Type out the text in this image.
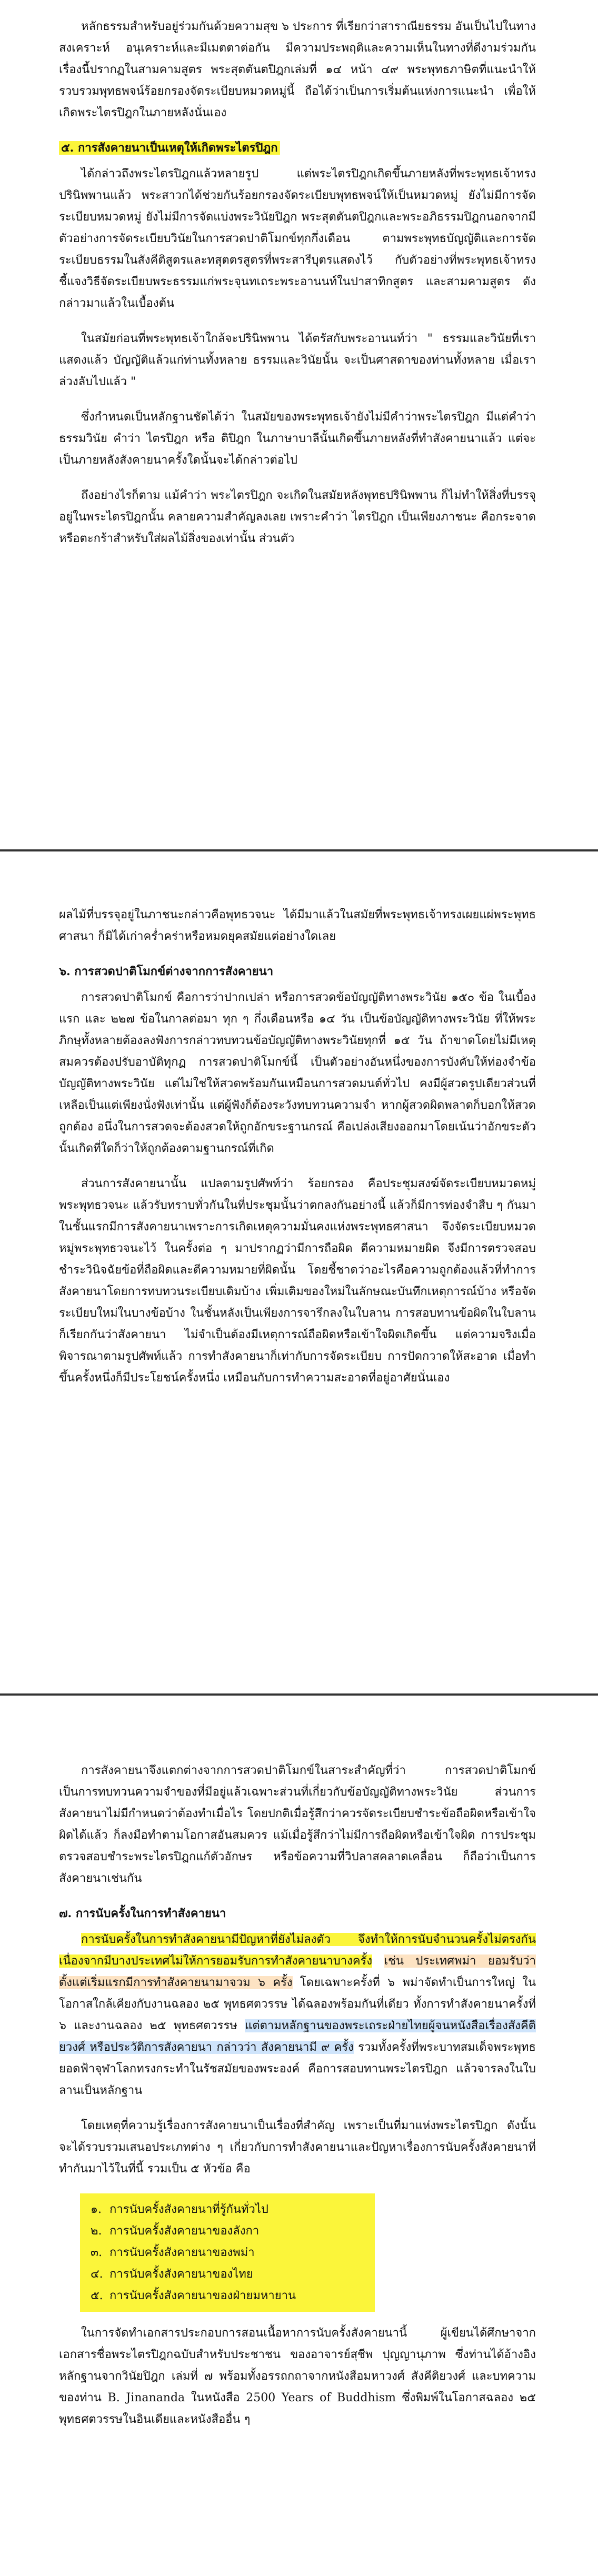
หลักธรรมสำหรับอยู่ร่วมกันด้วยความสุข ๖ ประการ ที่เรียกว่าสาราณียธรรม อันเป็นไปในทางสงเคราะห์ อนุเคราะห์และมีเมตตาต่อกัน มีความประพฤติและความเห็นในทางที่ดีงามร่วมกัน เรื่องนี้ปรากฏในสามคามสูตร พระสุตตันตปิฎกเล่มที่ ๑๔ หน้า ๔๙ พระพุทธภาษิตที่แนะนำให้รวบรวมพุทธพจน์ร้อยกรองจัดระเบียบหมวดหมู่นี้ ถือได้ว่าเป็นการเริ่มต้นแห่งการแนะนำ เพื่อให้เกิดพระไตรปิฎกในภายหลังนั่นเอง

๕. การสังคายนาเป็นเหตุให้เกิดพระไตรปิฎก

ได้กล่าวถึงพระไตรปิฎกแล้วหลายรูป แต่พระไตรปิฎกเกิดขึ้นภายหลังที่พระพุทธเจ้าทรงปรินิพพานแล้ว พระสาวกได้ช่วยกันร้อยกรองจัดระเบียบพุทธพจน์ให้เป็นหมวดหมู่ ยังไม่มีการจัดระเบียบหมวดหมู่ ยังไม่มีการจัดแบ่งพระวินัยปิฎก พระสุตตันตปิฎกและพระอภิธรรมปิฎกนอกจากมีตัวอย่างการจัดระเบียบวินัยในการสวดปาติโมกข์ทุกกึ่งเดือน ตามพระพุทธบัญญัติและการจัดระเบียบธรรมในสังคีติสูตรและทสุตตรสูตรที่พระสารีบุตรแสดงไว้ กับตัวอย่างที่พระพุทธเจ้าทรงชี้แจงวิธีจัดระเบียบพระธรรมแก่พระจุนทเถระพระอานนท์ในปาสาทิกสูตร และสามคามสูตร ดังกล่าวมาแล้วในเบื้องต้น

ในสมัยก่อนที่พระพุทธเจ้าใกล้จะปรินิพพาน ได้ตรัสกับพระอานนท์ว่า " ธรรมและวินัยที่เราแสดงแล้ว บัญญัติแล้วแก่ท่านทั้งหลาย ธรรมและวินัยนั้น จะเป็นศาสดาของท่านทั้งหลาย เมื่อเราล่วงลับไปแล้ว "

ซึ่งกำหนดเป็นหลักฐานชัดได้ว่า ในสมัยของพระพุทธเจ้ายังไม่มีคำว่าพระไตรปิฎก มีแต่คำว่า ธรรมวินัย คำว่า ไตรปิฎก หรือ ติปิฎก ในภาษาบาลีนั้นเกิดขึ้นภายหลังที่ทำสังคายนาแล้ว แต่จะเป็นภายหลังสังคายนาครั้งใดนั้นจะได้กล่าวต่อไป

ถึงอย่างไรก็ตาม แม้คำว่า พระไตรปิฎก จะเกิดในสมัยหลังพุทธปรินิพพาน ก็ไม่ทำให้สิ่งที่บรรจุอยู่ในพระไตรปิฎกนั้น คลายความสำคัญลงเลย เพราะคำว่า ไตรปิฎก เป็นเพียงภาชนะ คือกระจาดหรือตะกร้าสำหรับใส่ผลไม้สิ่งของเท่านั้น ส่วนตัว

ผลไม้ที่บรรจุอยู่ในภาชนะกล่าวคือพุทธวจนะ ได้มีมาแล้วในสมัยที่พระพุทธเจ้าทรงเผยแผ่พระพุทธศาสนา ก็มิได้เก่าคร่ำคร่าหรือหมดยุคสมัยแต่อย่างใดเลย

๖. การสวดปาติโมกข์ต่างจากการสังคายนา

การสวดปาติโมกข์ คือการว่าปากเปล่า หรือการสวดข้อบัญญัติทางพระวินัย ๑๕๐ ข้อ ในเบื้องแรก และ ๒๒๗ ข้อในกาลต่อมา ทุก ๆ กึ่งเดือนหรือ ๑๔ วัน เป็นข้อบัญญัติทางพระวินัย ที่ให้พระภิกษุทั้งหลายต้องลงฟังการกล่าวทบทวนข้อบัญญัติทางพระวินัยทุกที่ ๑๕ วัน ถ้าขาดโดยไม่มีเหตุสมควรต้องปรับอาบัติทุกฏ การสวดปาติโมกข์นี้ เป็นตัวอย่างอันหนึ่งของการบังคับให้ท่องจำข้อบัญญัติทางพระวินัย แต่ไม่ใช่ให้สวดพร้อมกันเหมือนการสวดมนต์ทั่วไป คงมีผู้สวดรูปเดียวส่วนที่เหลือเป็นแต่เพียงนั่งฟังเท่านั้น แต่ผู้ฟังก็ต้องระวังทบทวนความจำ หากผู้สวดผิดพลาดก็บอกให้สวดถูกต้อง อนึ่งในการสวดจะต้องสวดให้ถูกอักขระฐานกรณ์ คือเปล่งเสียงออกมาโดยเน้นว่าอักขระตัวนั้นเกิดที่ใดก็ว่าให้ถูกต้องตามฐานกรณ์ที่เกิด

ส่วนการสังคายนานั้น แปลตามรูปศัพท์ว่า ร้อยกรอง คือประชุมสงฆ์จัดระเบียบหมวดหมู่พระพุทธวจนะ แล้วรับทราบทั่วกันในที่ประชุมนั้นว่าตกลงกันอย่างนี้ แล้วก็มีการท่องจำสืบ ๆ กันมา ในชั้นแรกมีการสังคายนาเพราะการเกิดเหตุความมั่นคงแห่งพระพุทธศาสนา จึงจัดระเบียบหมวดหมู่พระพุทธวจนะไว้ ในครั้งต่อ ๆ มาปรากฏว่ามีการถือผิด ตีความหมายผิด จึงมีการตรวจสอบชำระวินิจฉัยข้อที่ถือผิดและตีความหมายที่ผิดนั้น โดยชี้ชาดว่าอะไรคือความถูกต้องแล้วที่ทำการสังคายนาโดยการทบทวนระเบียบเดิมบ้าง เพิ่มเติมของใหม่ในลักษณะบันทึกเหตุการณ์บ้าง หรือจัดระเบียบใหม่ในบางข้อบ้าง ในชั้นหลังเป็นเพียงการจารึกลงในใบลาน การสอบทานข้อผิดในใบลาน ก็เรียกกันว่าสังคายนา ไม่จำเป็นต้องมีเหตุการณ์ถือผิดหรือเข้าใจผิดเกิดขึ้น แต่ความจริงเมื่อพิจารณาตามรูปศัพท์แล้ว การทำสังคายนาก็เท่ากับการจัดระเบียบ การปัดกวาดให้สะอาด เมื่อทำขึ้นครั้งหนึ่งก็มีประโยชน์ครั้งหนึ่ง เหมือนกับการทำความสะอาดที่อยู่อาศัยนั่นเอง

การสังคายนาจึงแตกต่างจากการสวดปาติโมกข์ในสาระสำคัญที่ว่า การสวดปาติโมกข์เป็นการทบทวนความจำของที่มีอยู่แล้วเฉพาะส่วนที่เกี่ยวกับข้อบัญญัติทางพระวินัย ส่วนการสังคายนาไม่มีกำหนดว่าต้องทำเมื่อไร โดยปกติเมื่อรู้สึกว่าควรจัดระเบียบชำระข้อถือผิดหรือเข้าใจผิดได้แล้ว ก็ลงมือทำตามโอกาสอันสมควร แม้เมื่อรู้สึกว่าไม่มีการถือผิดหรือเข้าใจผิด การประชุมตรวจสอบชำระพระไตรปิฎกแก้ตัวอักษร หรือข้อความที่วิปลาสคลาดเคลื่อน ก็ถือว่าเป็นการสังคายนาเช่นกัน

๗. การนับครั้งในการทำสังคายนา

การนับครั้งในการทำสังคายนามีปัญหาที่ยังไม่ลงตัว จึงทำให้การนับจำนวนครั้งไม่ตรงกันเนื่องจากมีบางประเทศไม่ให้การยอมรับการทำสังคายนาบางครั้ง เช่น ประเทศพม่า ยอมรับว่าตั้งแต่เริ่มแรกมีการทำสังคายนามาจวม ๖ ครั้ง โดยเฉพาะครั้งที่ ๖ พม่าจัดทำเป็นการใหญ่ ในโอกาสใกล้เคียงกับงานฉลอง ๒๕ พุทธศตวรรษ ได้ฉลองพร้อมกันที่เดียว ทั้งการทำสังคายนาครั้งที่ ๖ และงานฉลอง ๒๕ พุทธศตวรรษ แต่ตามหลักฐานของพระเถระฝ่ายไทยผู้จนหนังสือเรื่องสังคีติยวงศ์ หรือประวัติการสังคายนา กล่าวว่า สังคายนามี ๙ ครั้ง รวมทั้งครั้งที่พระบาทสมเด็จพระพุทธยอดฟ้าจุฬาโลกทรงกระทำในรัชสมัยของพระองค์ คือการสอบทานพระไตรปิฎก แล้วจารลงในใบลานเป็นหลักฐาน

โดยเหตุที่ความรู้เรื่องการสังคายนาเป็นเรื่องที่สำคัญ เพราะเป็นที่มาแห่งพระไตรปิฎก ดังนั้น จะได้รวบรวมเสนอประเภทต่าง ๆ เกี่ยวกับการทำสังคายนาและปัญหาเรื่องการนับครั้งสังคายนาที่ทำกันมาไว้ในที่นี้ รวมเป็น ๕ หัวข้อ คือ

๑. การนับครั้งสังคายนาที่รู้กันทั่วไป
๒. การนับครั้งสังคายนาของลังกา
๓. การนับครั้งสังคายนาของพม่า
๔. การนับครั้งสังคายนาของไทย
๕. การนับครั้งสังคายนาของฝ่ายมหายาน

ในการจัดทำเอกสารประกอบการสอนเนื้อหาการนับครั้งสังคายนานี้ ผู้เขียนได้ศึกษาจากเอกสารชื่อพระไตรปิฎกฉบับสำหรับประชาชน ของอาจารย์สุชีพ ปุญญานุภาพ ซึ่งท่านได้อ้างอิงหลักฐานจากวินัยปิฎก เล่มที่ ๗ พร้อมทั้งอรรถกถาจากหนังสือมหาวงศ์ สังคีติยวงศ์ และบทความของท่าน B. Jinananda ในหนังสือ 2500 Years of Buddhism ซึ่งพิมพ์ในโอกาสฉลอง ๒๕ พุทธศตวรรษในอินเดียและหนังสืออื่น ๆ
